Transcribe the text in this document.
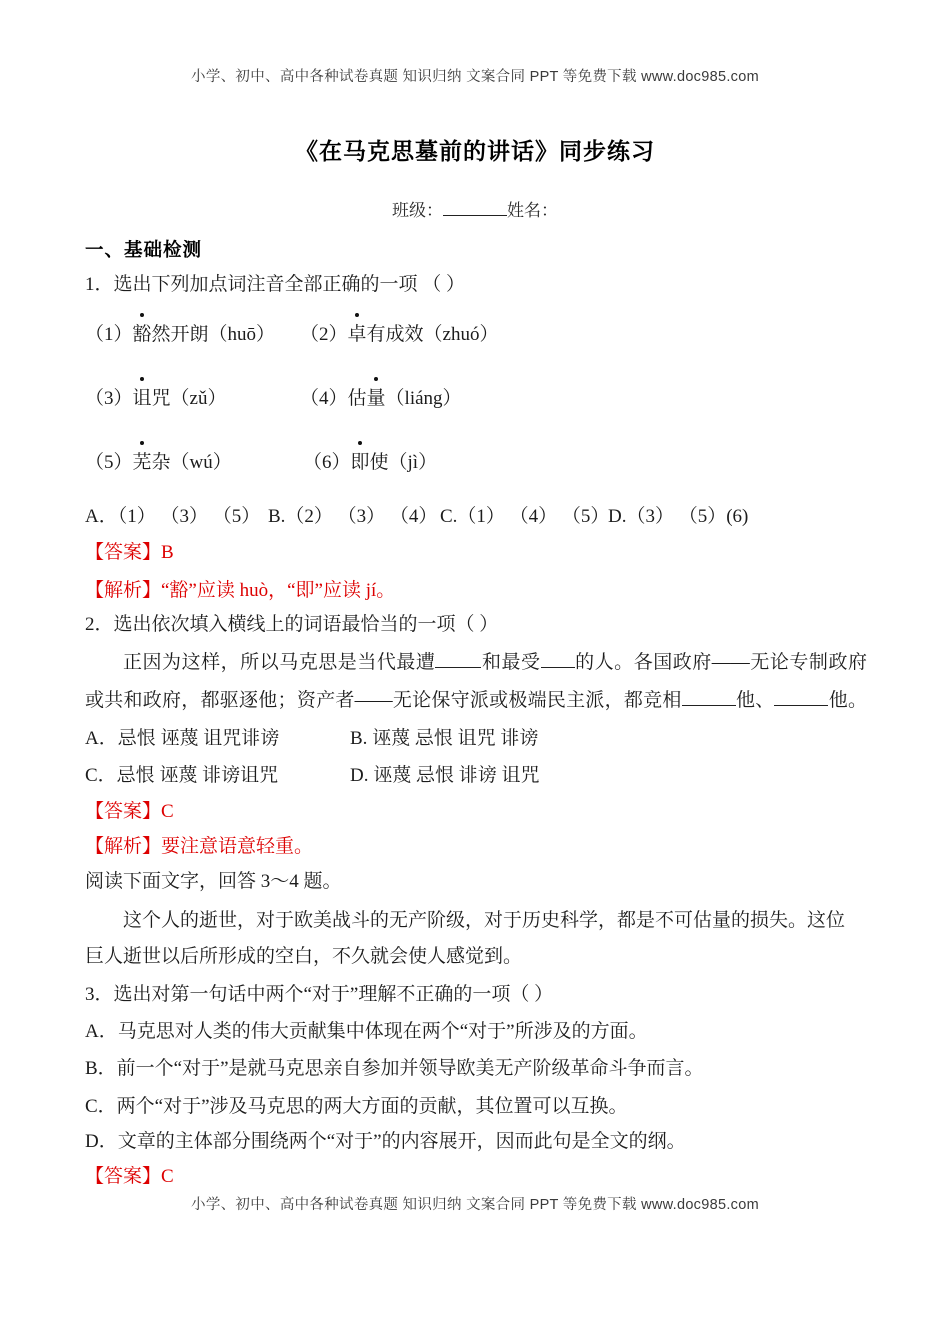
小学、初中、高中各种试卷真题 知识归纳 文案合同 PPT 等免费下载 www.doc985.com
《在马克思墓前的讲话》同步练习
班级：	姓名：
一、基础检测
1．选出下列加点词注音全部正确的一项 （ ）
（1）豁然开朗（huō） （2）卓有成效（zhuó）
（3）诅咒（zǔ）	（4）估量（liáng）
（5）芜杂（wú）	（6）即使（jì）
A．（1） （3） （5） B.（2） （3） （4） C.（1） （4） （5）
D.（3） （5）(6)
【答案】B
【解析】“豁”应读 huò，“即”应读 jí。
2．选出依次填入横线上的词语最恰当的一项（ ）
正因为这样，所以马克思是当代最遭 和最受 的人。各国政府——无论专制政府
或共和政府，都驱逐他；资产者——无论保守派或极端民主派，都竞相	他、	他。
A．忌恨 诬蔑 诅咒诽谤	B. 诬蔑 忌恨 诅咒 诽谤
C．忌恨 诬蔑 诽谤诅咒	D. 诬蔑 忌恨 诽谤 诅咒
【答案】C
【解析】要注意语意轻重。
阅读下面文字，回答 3～4 题。
这个人的逝世，对于欧美战斗的无产阶级，对于历史科学，都是不可估量的损失。这位
巨人逝世以后所形成的空白，不久就会使人感觉到。
3．选出对第一句话中两个“对于”理解不正确的一项（ ）
A．马克思对人类的伟大贡献集中体现在两个“对于”所涉及的方面。
B．前一个“对于”是就马克思亲自参加并领导欧美无产阶级革命斗争而言。
C．两个“对于”涉及马克思的两大方面的贡献，其位置可以互换。
D．文章的主体部分围绕两个“对于”的内容展开，因而此句是全文的纲。
【答案】C
小学、初中、高中各种试卷真题 知识归纳 文案合同 PPT 等免费下载 www.doc985.com
